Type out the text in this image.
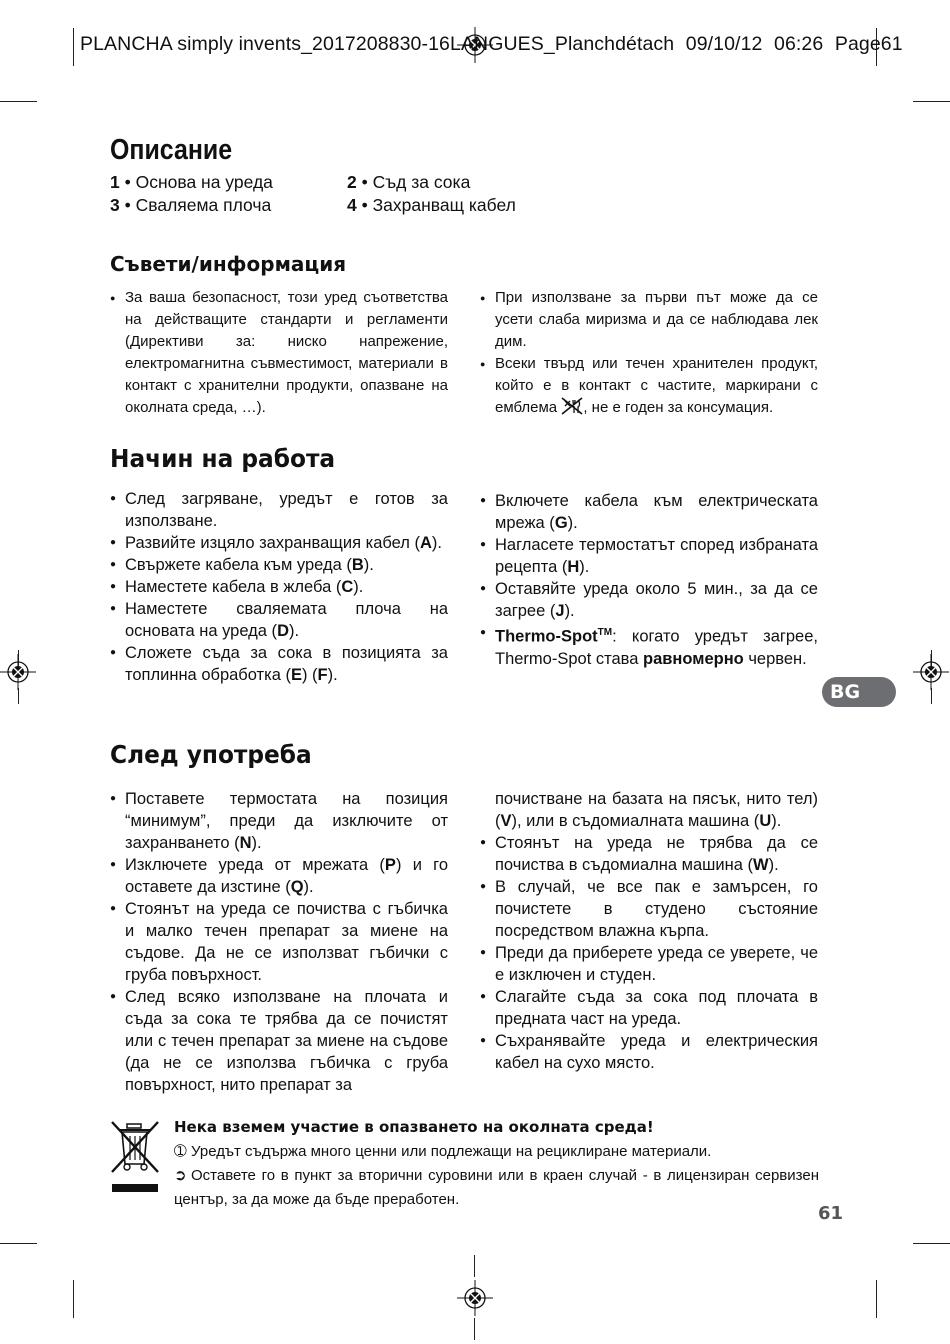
PLANCHA simply invents_2017208830-16LANGUES_Planchdétach 09/10/12 06:26 Page61
Описание
1 • Основа на уреда
3 • Сваляема плоча
2 • Съд за сока
4 • Захранващ кабел
Съвети/информация
● За ваша безопасност, този уред съответства на действащите стандарти и регламенти (Директиви за: ниско напрежение, електромагнитна съвместимост, материали в контакт с хранителни продукти, опазване на околната среда, …).
● При използване за първи път може да се усети слаба миризма и да се наблюдава лек дим.
● Всеки твърд или течен хранителен продукт, който е в контакт с частите, маркирани с емблема , не е годен за консумация.
Начин на работа
● След загряване, уредът е готов за използване.
● Развийте изцяло захранващия кабел (A).
● Свържете кабела към уреда (B).
● Наместете кабела в жлеба (C).
● Наместете сваляемата плоча на основата на уреда (D).
● Сложете съда за сока в позицията за топлинна обработка (E) (F).
● Включете кабела към електрическата мрежа (G).
● Нагласете термостатът според избраната рецепта (H).
● Оставяйте уреда около 5 мин., за да се загрее (J).
● Thermo-Spot™: когато уредът загрее, Thermo-Spot става равномерно червен.
BG
След употреба
● Поставете термостата на позиция “минимум”, преди да изключите от захранването (N).
● Изключете уреда от мрежата (P) и го оставете да изстине (Q).
● Стоянът на уреда се почиства с гъбичка и малко течен препарат за миене на съдове. Да не се използват гъбички с груба повърхност.
● След всяко използване на плочата и съда за сока те трябва да се почистят или с течен препарат за миене на съдове (да не се използва гъбичка с груба повърхност, нито препарат за
почистване на базата на пясък, нито тел) (V), или в съдомиалната машина (U).
● Стоянът на уреда не трябва да се почиства в съдомиална машина (W).
● В случай, че все пак е замърсен, го почистете в студено състояние посредством влажна кърпа.
● Преди да приберете уреда се уверете, че е изключен и студен.
● Слагайте съда за сока под плочата в предната част на уреда.
● Съхранявайте уреда и електрическия кабел на сухо място.
Нека вземем участие в опазването на околната среда!
➀ Уредът съдържа много ценни или подлежащи на рециклиране материали.
➲ Оставете го в пункт за вторични суровини или в краен случай - в лицензиран сервизен център, за да може да бъде преработен.
61
